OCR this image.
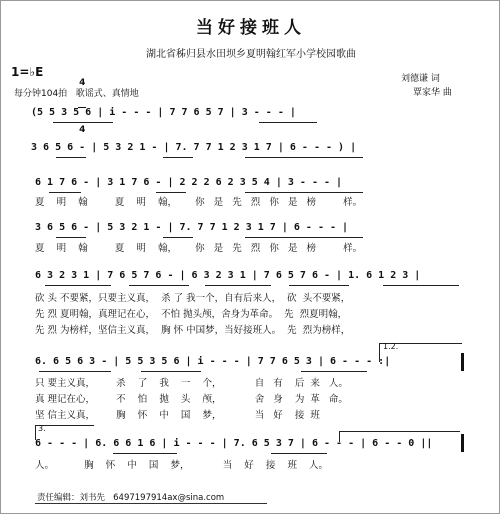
当好接班人
湖北省秭归县水田坝乡夏明翰红军小学校园歌曲
1=♭E

4

4

每分钟104拍   歌谣式、真情地
刘德谦 词
覃家华 曲
(5 5 3 5 6 | i - - - | 7 7 6 5 7 | 3 - - - |
3 6 5 6 - | 5 3 2 1 - | 7. 7 7 1 2 3 1 7 | 6 - - - ) |
6 1 7 6 - | 3 1 7 6 - | 2 2 2 6 2 3 5 4 | 3 - - - |
夏    明    翰         夏    明    翰，      你   是   先   烈   你   是   榜         样。
3 6 5 6 - | 5 3 2 1 - | 7. 7 7 1 2 3 1 7 | 6 - - - |
夏    明    翰         夏    明    翰，      你   是   先   烈   你   是   榜         样。
6 3 2 3 1 | 7 6 5 7 6 - | 6 3 2 3 1 | 7 6 5 7 6 - | 1. 6 1 2 3 |
砍 头 不要紧，只要主义真，  杀 了 我一个，自有后来人，  砍  头不要紧，
先 烈 夏明翰，真理记在心，  不怕 抛头颅，舍身为革命。  先  烈夏明翰，
先 烈 为榜样，坚信主义真，  胸 怀 中国梦，当好接班人。  先  烈为榜样，
1.2.
6. 6 5 6 3 - | 5 5 3 5 6 | i - - - | 7 7 6 5 3 | 6 - - - :|
只 要主义真，       杀    了    我    一    个，           自   有    后  来   人。
真 理记在心，       不    怕    抛    头    颅，           舍   身    为  革   命。
坚 信主义真，       胸    怀    中    国    梦，           当   好    接  班
3.
6 - - - | 6. 6 6 1 6 | i - - - | 7. 6 5 3 7 | 6 - - - | 6 - - 0 ||
人。          胸    怀    中    国    梦，           当    好    接    班    人。
责任编辑：刘书先 6497197914ax@sina.com
